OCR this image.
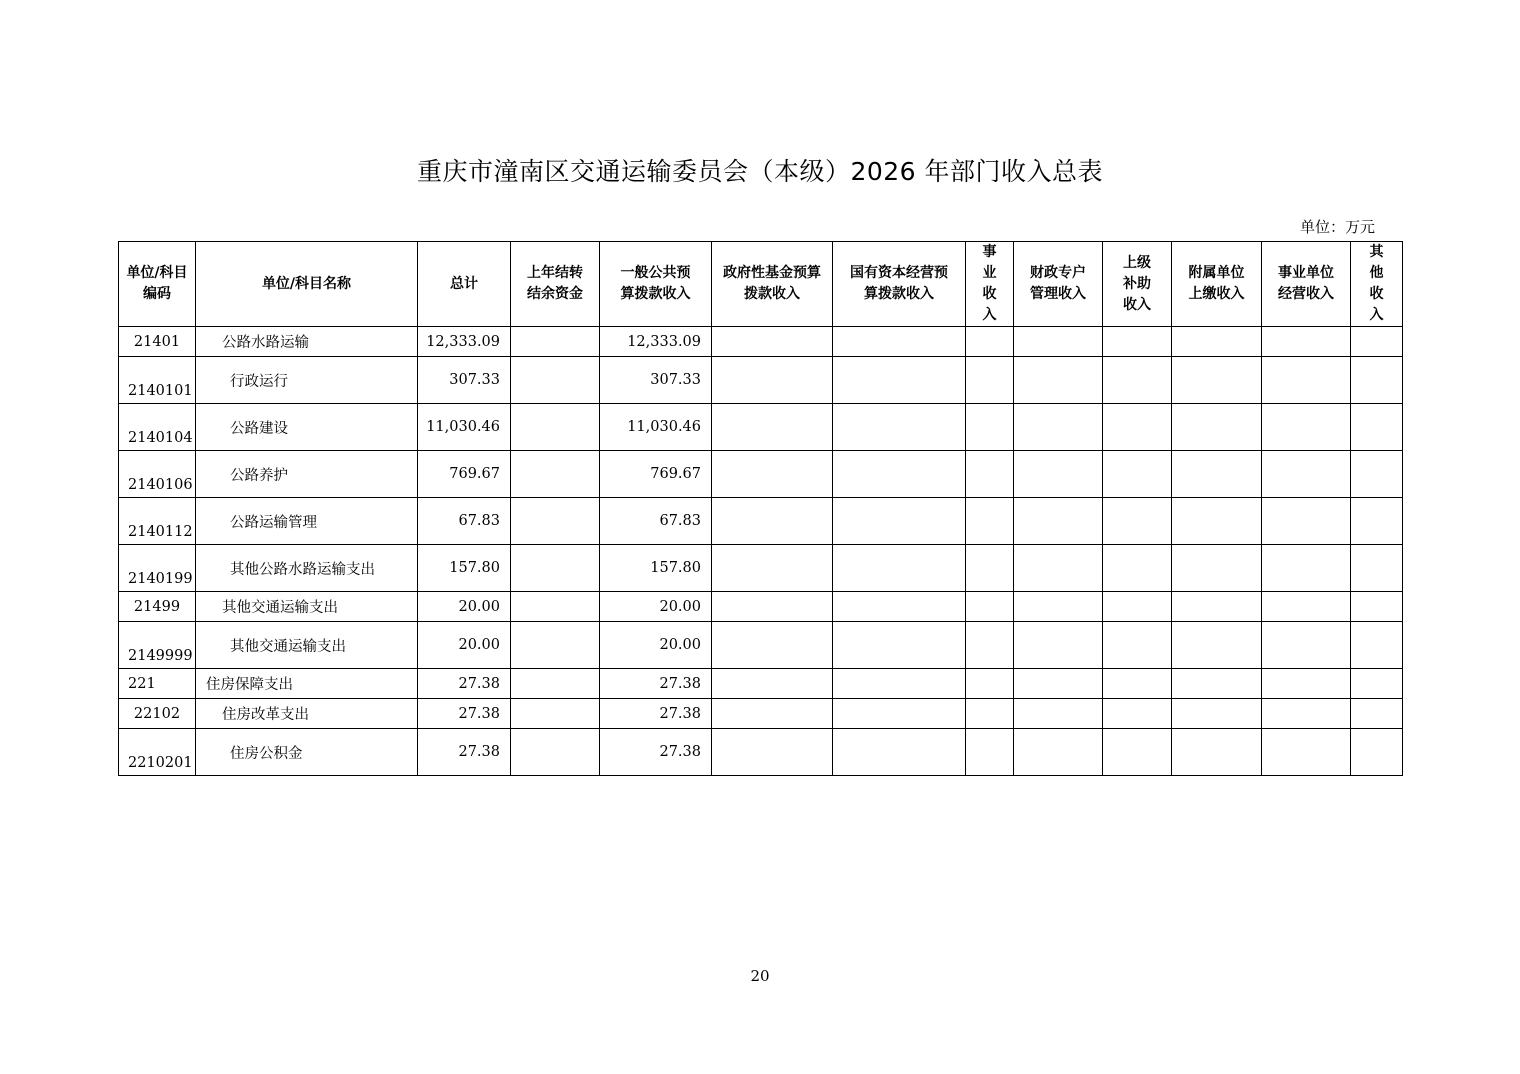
重庆市潼南区交通运输委员会（本级）2026 年部门收入总表
单位：万元
单位/科目编码	单位/科目名称	总计	上年结转结余资金	一般公共预算拨款收入	政府性基金预算拨款收入	国有资本经营预算拨款收入	事业收入	财政专户管理收入	上级补助收入	附属单位上缴收入	事业单位经营收入	其他收入
21401	公路水路运输	12,333.09		12,333.09								
2140101	行政运行	307.33		307.33								
2140104	公路建设	11,030.46		11,030.46								
2140106	公路养护	769.67		769.67								
2140112	公路运输管理	67.83		67.83								
2140199	其他公路水路运输支出	157.80		157.80								
21499	其他交通运输支出	20.00		20.00								
2149999	其他交通运输支出	20.00		20.00								
221	住房保障支出	27.38		27.38								
22102	住房改革支出	27.38		27.38								
2210201	住房公积金	27.38		27.38								
20
